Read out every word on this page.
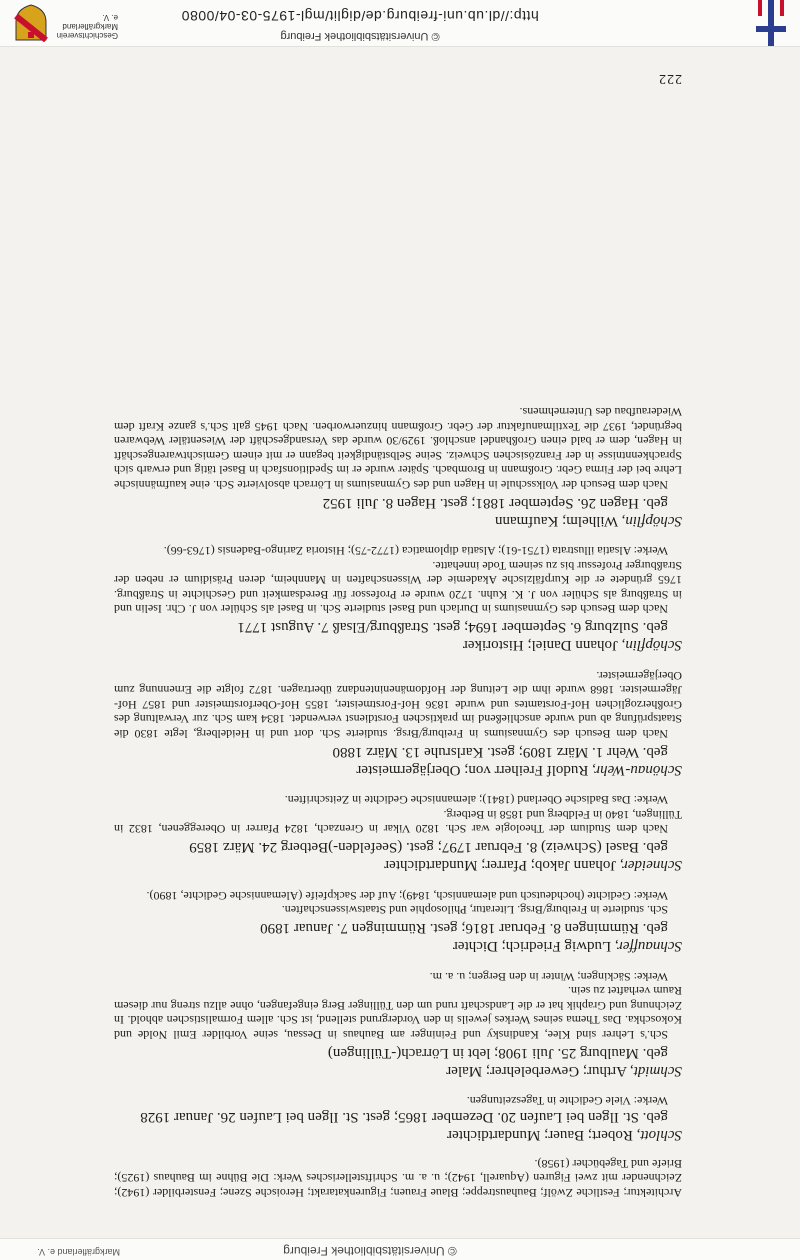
© Universitätsbibliothek Freiburg
http://dl.ub.uni-freiburg.de/diglit/mgl-1975-03-04/0080
Geschichtsverein Markgräflerland e. V.
Architektur; Festliche Zwölf; Bauhaustreppe; Blaue Frauen; Figurenkatarakt; Heroische Szene; Fensterbilder (1942); Zeichnender mit zwei Figuren (Aquarell, 1942); u. a. m. Schriftstellerisches Werk: Die Bühne im Bauhaus (1925); Briefe und Tagebücher (1958).
Schlott, Robert; Bauer; Mundartdichter
geb. St. Ilgen bei Laufen 20. Dezember 1865; gest. St. Ilgen bei Laufen 26. Januar 1928
Werke: Viele Gedichte in Tageszeitungen.
Schmidt, Arthur; Gewerbelehrer; Maler
geb. Maulburg 25. Juli 1908; lebt in Lörrach(-Tüllingen)
Sch.'s Lehrer sind Klee, Kandinsky und Feininger am Bauhaus in Dessau, seine Vorbilder Emil Nolde und Kokoschka. Das Thema seines Werkes jeweils in den Vordergrund stellend, ist Sch. allem Formalistischen abhold. In Zeichnung und Graphik hat er die Landschaft rund um den Tüllinger Berg eingefangen, ohne allzu streng nur diesem Raum verhaftet zu sein.
Werke: Säckingen; Winter in den Bergen; u. a. m.
Schnauffer, Ludwig Friedrich; Dichter
geb. Rümmingen 8. Februar 1816; gest. Rümmingen 7. Januar 1890
Sch. studierte in Freiburg/Brsg. Literatur, Philosophie und Staatswissenschaften.
Werke: Gedichte (hochdeutsch und alemannisch, 1849); Auf der Sackpfeife (Alemannische Gedichte, 1890).
Schneider, Johann Jakob; Pfarrer; Mundartdichter
geb. Basel (Schweiz) 8. Februar 1797; gest. (Seefelden-)Betberg 24. März 1859
Nach dem Studium der Theologie war Sch. 1820 Vikar in Grenzach, 1824 Pfarrer in Obereggenen, 1832 in Tüllingen, 1840 in Feldberg und 1858 in Betberg.
Werke: Das Badische Oberland (1841); alemannische Gedichte in Zeitschriften.
Schönau-Wehr, Rudolf Freiherr von; Oberjägermeister
geb. Wehr 1. März 1809; gest. Karlsruhe 13. März 1880
Nach dem Besuch des Gymnasiums in Freiburg/Brsg. studierte Sch. dort und in Heidelberg, legte 1830 die Staatsprüfung ab und wurde anschließend im praktischen Forstdienst verwendet. 1834 kam Sch. zur Verwaltung des Großherzoglichen Hof-Forstamtes und wurde 1836 Hof-Forstmeister, 1855 Hof-Oberforstmeister und 1857 Hof-Jägermeister. 1868 wurde ihm die Leitung der Hofdomänenintendanz übertragen. 1872 folgte die Ernennung zum Oberjägermeister.
Schöpflin, Johann Daniel; Historiker
geb. Sulzburg 6. September 1694; gest. Straßburg/Elsaß 7. August 1771
Nach dem Besuch des Gymnasiums in Durlach und Basel studierte Sch. in Basel als Schüler von J. Chr. Iselin und in Straßburg als Schüler von J. K. Kuhn. 1720 wurde er Professor für Beredsamkeit und Geschichte in Straßburg. 1765 gründete er die Kurpfälzische Akademie der Wissenschaften in Mannheim, deren Präsidium er neben der Straßburger Professur bis zu seinem Tode innehatte.
Werke: Alsatia illustrata (1751-61); Alsatia diplomatica (1772-75); Historia Zaringo-Badensis (1763-66).
Schöpflin, Wilhelm; Kaufmann
geb. Hagen 26. September 1881; gest. Hagen 8. Juli 1952
Nach dem Besuch der Volksschule in Hagen und des Gymnasiums in Lörrach absolvierte Sch. eine kaufmännische Lehre bei der Firma Gebr. Großmann in Brombach. Später wurde er im Speditionsfach in Basel tätig und erwarb sich Sprachkenntnisse in der Französischen Schweiz. Seine Selbständigkeit begann er mit einem Gemischtwarengeschäft in Hagen, dem er bald einen Großhandel anschloß. 1929/30 wurde das Versandgeschäft der Wiesentäler Webwaren begründet, 1937 die Textilmanufaktur der Gebr. Großmann hinzuerworben. Nach 1945 galt Sch.'s ganze Kraft dem Wiederaufbau des Unternehmens.
222
© Universitätsbibliothek Freiburg
Markgräflerland e. V.
